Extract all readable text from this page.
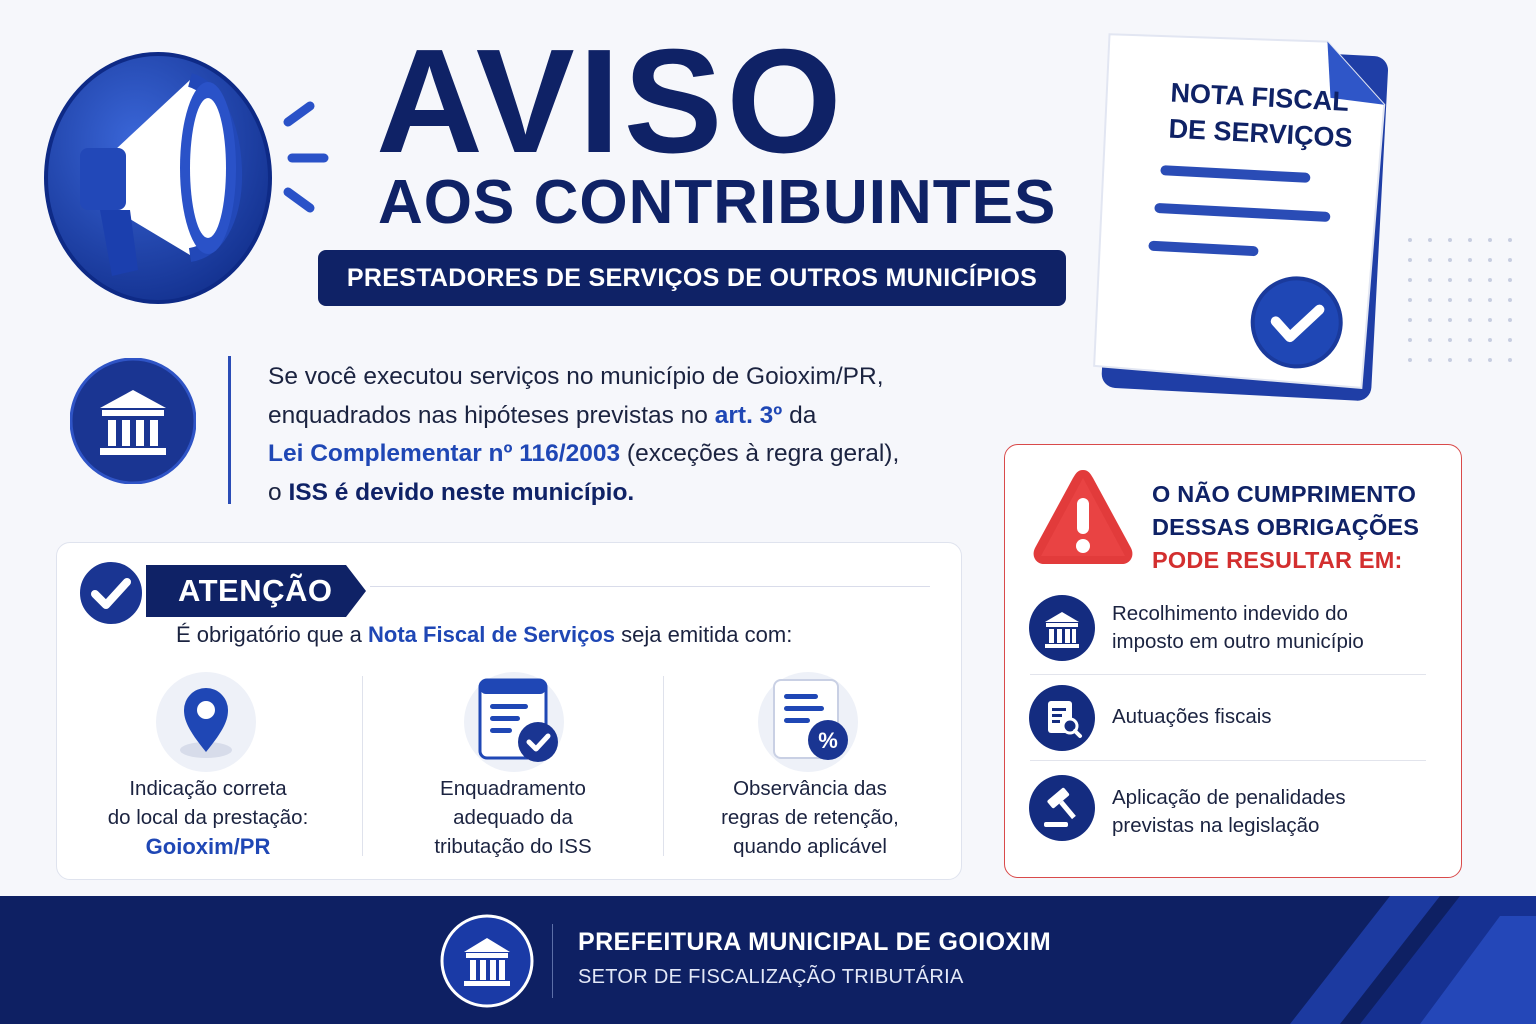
AVISO
AOS CONTRIBUINTES
PRESTADORES DE SERVIÇOS DE OUTROS MUNICÍPIOS
NOTA FISCAL
DE SERVIÇOS
Se você executou serviços no município de Goioxim/PR,
enquadrados nas hipóteses previstas no art. 3º da
Lei Complementar nº 116/2003 (exceções à regra geral),
o ISS é devido neste município.
ATENÇÃO
É obrigatório que a Nota Fiscal de Serviços seja emitida com:
Indicação correta
do local da prestação:
Goioxim/PR
Enquadramento
adequado da
tributação do ISS
%
Observância das
regras de retenção,
quando aplicável
O NÃO CUMPRIMENTO
DESSAS OBRIGAÇÕES
PODE RESULTAR EM:
Recolhimento indevido do
imposto em outro município
Autuações fiscais
Aplicação de penalidades
previstas na legislação
PREFEITURA MUNICIPAL DE GOIOXIM
SETOR DE FISCALIZAÇÃO TRIBUTÁRIA
